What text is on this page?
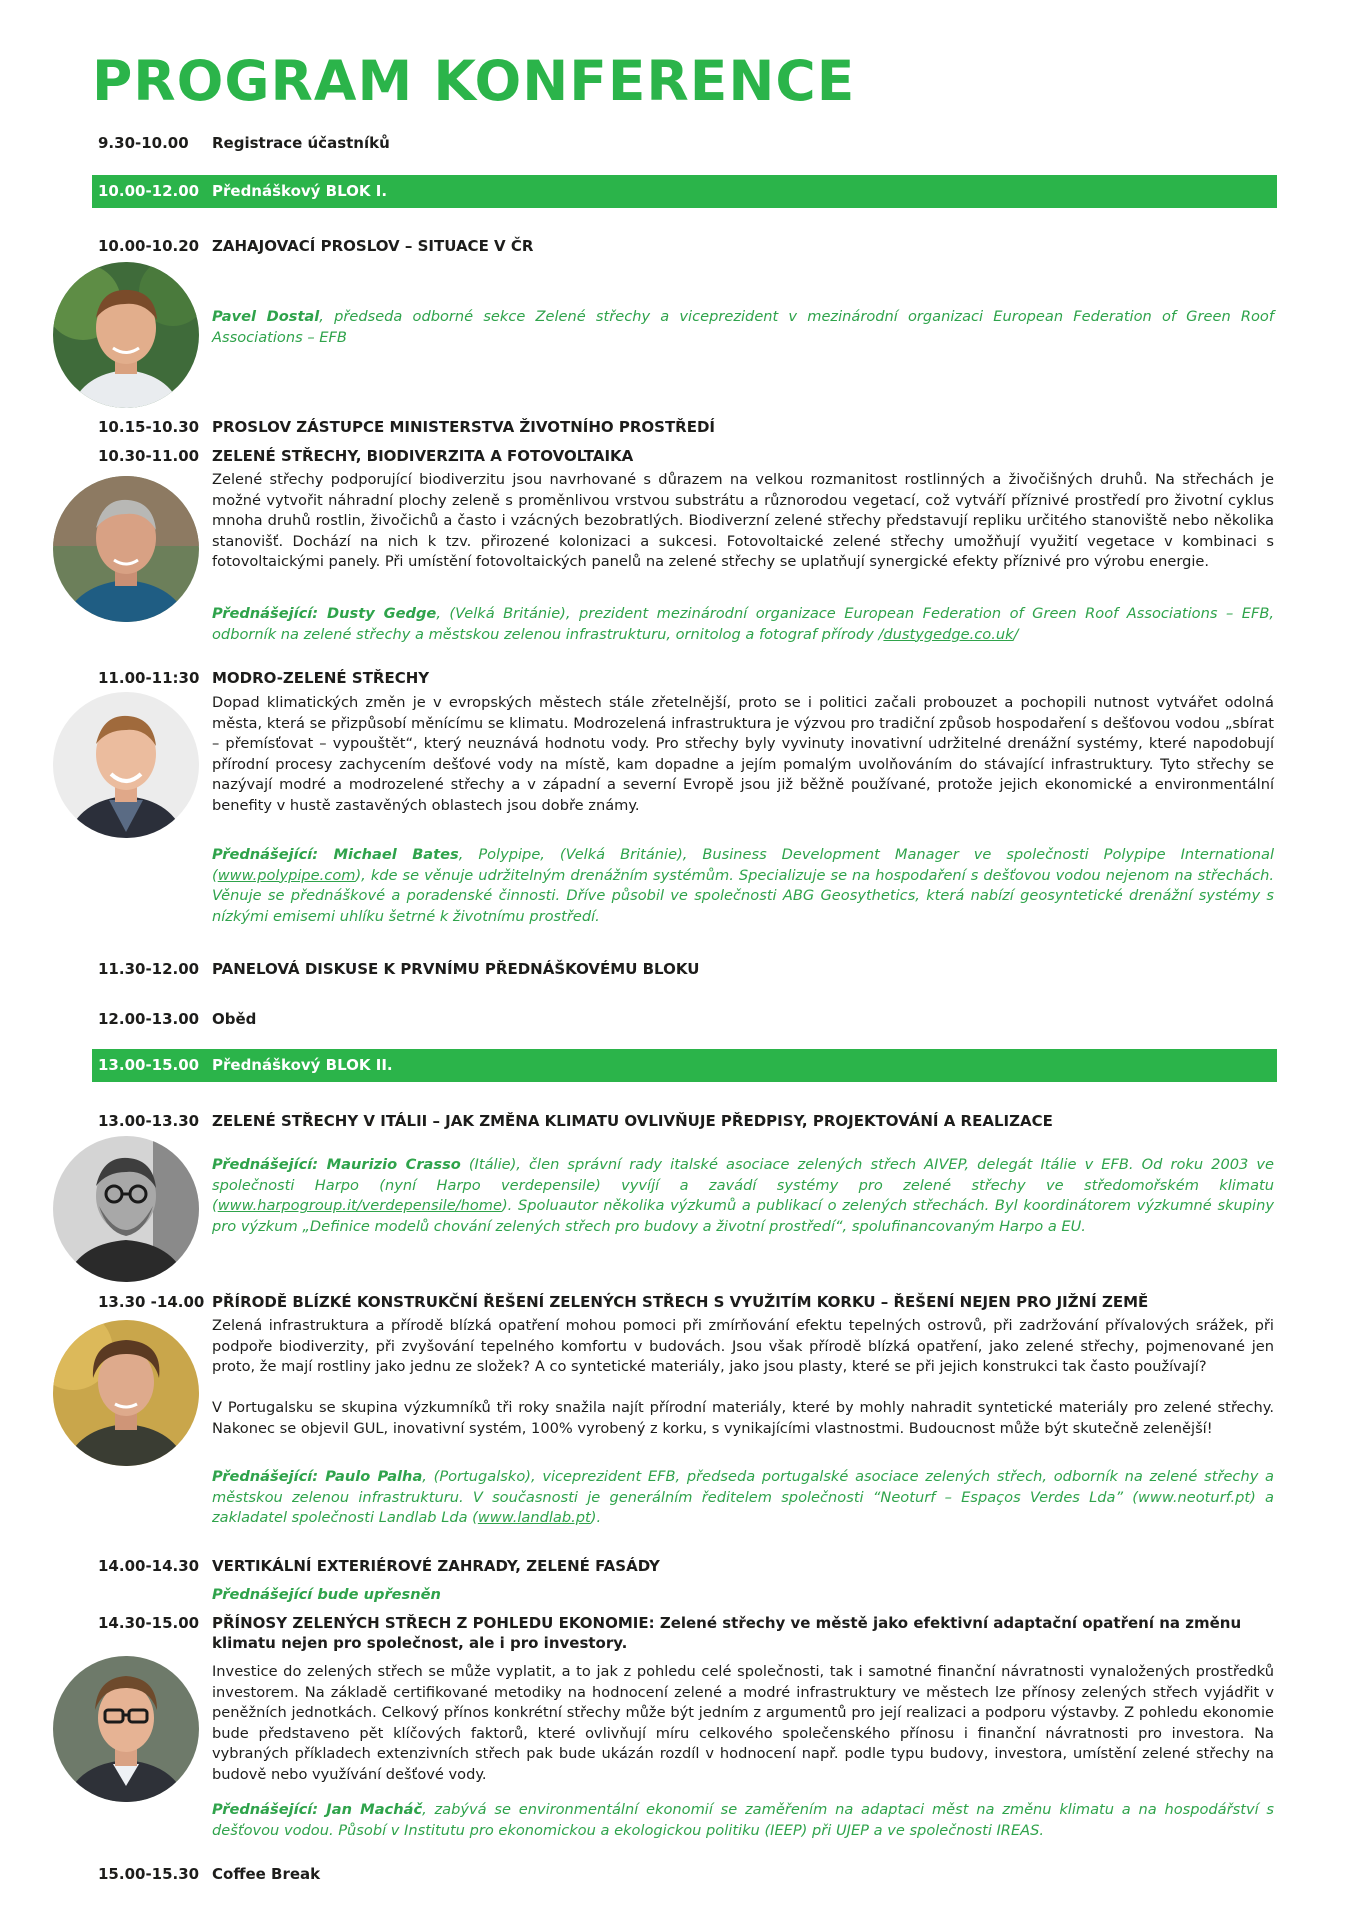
PROGRAM KONFERENCE
9.30-10.00 Registrace účastníků
10.00-12.00 Přednáškový BLOK I.
10.00-10.20 ZAHAJOVACÍ PROSLOV – SITUACE V ČR

Pavel Dostal, předseda odborné sekce Zelené střechy a viceprezident v mezinárodní organizaci European Federation of Green Roof Associations – EFB

10.15-10.30 PROSLOV ZÁSTUPCE MINISTERSTVA ŽIVOTNÍHO PROSTŘEDÍ
10.30-11.00 ZELENÉ STŘECHY, BIODIVERZITA A FOTOVOLTAIKA

Zelené střechy podporující biodiverzitu jsou navrhované s důrazem na velkou rozmanitost rostlinných a živočišných druhů. Na střechách je možné vytvořit náhradní plochy zeleně s proměnlivou vrstvou substrátu a různorodou vegetací, což vytváří příznivé prostředí pro životní cyklus mnoha druhů rostlin, živočichů a často i vzácných bezobratlých. Biodiverzní zelené střechy představují repliku určitého stanoviště nebo několika stanovišť. Dochází na nich k tzv. přirozené kolonizaci a sukcesi. Fotovoltaické zelené střechy umožňují využití vegetace v kombinaci s fotovoltaickými panely. Při umístění fotovoltaických panelů na zelené střechy se uplatňují synergické efekty příznivé pro výrobu energie.

Přednášející: Dusty Gedge, (Velká Británie), prezident mezinárodní organizace European Federation of Green Roof Associations – EFB, odborník na zelené střechy a městskou zelenou infrastrukturu, ornitolog a fotograf přírody /dustygedge.co.uk/

11.00-11:30 MODRO-ZELENÉ STŘECHY

Dopad klimatických změn je v evropských městech stále zřetelnější, proto se i politici začali probouzet a pochopili nutnost vytvářet odolná města, která se přizpůsobí měnícímu se klimatu. Modrozelená infrastruktura je výzvou pro tradiční způsob hospodaření s dešťovou vodou „sbírat – přemísťovat – vypouštět“, který neuznává hodnotu vody. Pro střechy byly vyvinuty inovativní udržitelné drenážní systémy, které napodobují přírodní procesy zachycením dešťové vody na místě, kam dopadne a jejím pomalým uvolňováním do stávající infrastruktury. Tyto střechy se nazývají modré a modrozelené střechy a v západní a severní Evropě jsou již běžně používané, protože jejich ekonomické a environmentální benefity v hustě zastavěných oblastech jsou dobře známy.

Přednášející: Michael Bates, Polypipe, (Velká Británie), Business Development Manager ve společnosti Polypipe International (www.polypipe.com), kde se věnuje udržitelným drenážním systémům. Specializuje se na hospodaření s dešťovou vodou nejenom na střechách. Věnuje se přednáškové a poradenské činnosti. Dříve působil ve společnosti ABG Geosythetics, která nabízí geosyntetické drenážní systémy s nízkými emisemi uhlíku šetrné k životnímu prostředí.

11.30-12.00 PANELOVÁ DISKUSE K PRVNÍMU PŘEDNÁŠKOVÉMU BLOKU
12.00-13.00 Oběd
13.00-15.00 Přednáškový BLOK II.
13.00-13.30 ZELENÉ STŘECHY V ITÁLII – JAK ZMĚNA KLIMATU OVLIVŇUJE PŘEDPISY, PROJEKTOVÁNÍ A REALIZACE

Přednášející: Maurizio Crasso (Itálie), člen správní rady italské asociace zelených střech AIVEP, delegát Itálie v EFB. Od roku 2003 ve společnosti Harpo (nyní Harpo verdepensile) vyvíjí a zavádí systémy pro zelené střechy ve středomořském klimatu (www.harpogroup.it/verdepensile/home). Spoluautor několika výzkumů a publikací o zelených střechách. Byl koordinátorem výzkumné skupiny pro výzkum „Definice modelů chování zelených střech pro budovy a životní prostředí“, spolufinancovaným Harpo a EU.

13.30 -14.00 PŘÍRODĚ BLÍZKÉ KONSTRUKČNÍ ŘEŠENÍ ZELENÝCH STŘECH S VYUŽITÍM KORKU – ŘEŠENÍ NEJEN PRO JIŽNÍ ZEMĚ

Zelená infrastruktura a přírodě blízká opatření mohou pomoci při zmírňování efektu tepelných ostrovů, při zadržování přívalových srážek, při podpoře biodiverzity, při zvyšování tepelného komfortu v budovách. Jsou však přírodě blízká opatření, jako zelené střechy, pojmenované jen proto, že mají rostliny jako jednu ze složek? A co syntetické materiály, jako jsou plasty, které se při jejich konstrukci tak často používají?

V Portugalsku se skupina výzkumníků tři roky snažila najít přírodní materiály, které by mohly nahradit syntetické materiály pro zelené střechy. Nakonec se objevil GUL, inovativní systém, 100% vyrobený z korku, s vynikajícími vlastnostmi. Budoucnost může být skutečně zelenější!

Přednášející: Paulo Palha, (Portugalsko), viceprezident EFB, předseda portugalské asociace zelených střech, odborník na zelené střechy a městskou zelenou infrastrukturu. V současnosti je generálním ředitelem společnosti “Neoturf – Espaços Verdes Lda” (www.neoturf.pt) a zakladatel společnosti Landlab Lda (www.landlab.pt).

14.00-14.30 VERTIKÁLNÍ EXTERIÉROVÉ ZAHRADY, ZELENÉ FASÁDY

Přednášející bude upřesněn

14.30-15.00 PŘÍNOSY ZELENÝCH STŘECH Z POHLEDU EKONOMIE: Zelené střechy ve městě jako efektivní adaptační opatření na změnu klimatu nejen pro společnost, ale i pro investory.

Investice do zelených střech se může vyplatit, a to jak z pohledu celé společnosti, tak i samotné finanční návratnosti vynaložených prostředků investorem. Na základě certifikované metodiky na hodnocení zelené a modré infrastruktury ve městech lze přínosy zelených střech vyjádřit v peněžních jednotkách. Celkový přínos konkrétní střechy může být jedním z argumentů pro její realizaci a podporu výstavby. Z pohledu ekonomie bude představeno pět klíčových faktorů, které ovlivňují míru celkového společenského přínosu i finanční návratnosti pro investora. Na vybraných příkladech extenzivních střech pak bude ukázán rozdíl v hodnocení např. podle typu budovy, investora, umístění zelené střechy na budově nebo využívání dešťové vody.

Přednášející: Jan Macháč, zabývá se environmentální ekonomií se zaměřením na adaptaci měst na změnu klimatu a na hospodářství s dešťovou vodou. Působí v Institutu pro ekonomickou a ekologickou politiku (IEEP) při UJEP a ve společnosti IREAS.

15.00-15.30 Coffee Break
